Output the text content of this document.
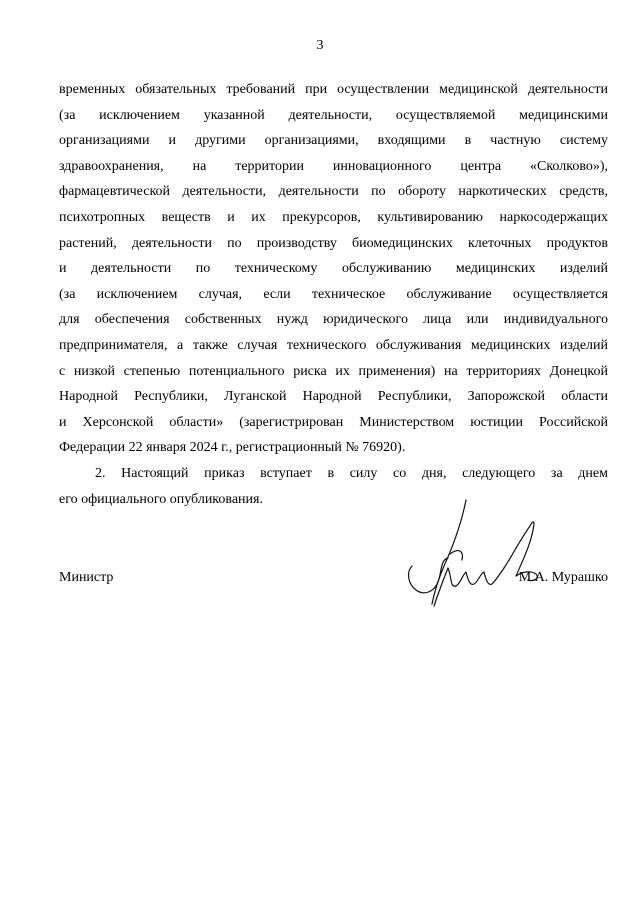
3
временных обязательных требований при осуществлении медицинской деятельности
(за исключением указанной деятельности, осуществляемой медицинскими
организациями и другими организациями, входящими в частную систему
здравоохранения, на территории инновационного центра «Сколково»),
фармацевтической деятельности, деятельности по обороту наркотических средств,
психотропных веществ и их прекурсоров, культивированию наркосодержащих
растений, деятельности по производству биомедицинских клеточных продуктов
и деятельности по техническому обслуживанию медицинских изделий
(за исключением случая, если техническое обслуживание осуществляется
для обеспечения собственных нужд юридического лица или индивидуального
предпринимателя, а также случая технического обслуживания медицинских изделий
с низкой степенью потенциального риска их применения) на территориях Донецкой
Народной Республики, Луганской Народной Республики, Запорожской области
и Херсонской области» (зарегистрирован Министерством юстиции Российской
Федерации 22 января 2024 г., регистрационный № 76920).
2. Настоящий приказ вступает в силу со дня, следующего за днем
его официального опубликования.
Министр	М.А. Мурашко
